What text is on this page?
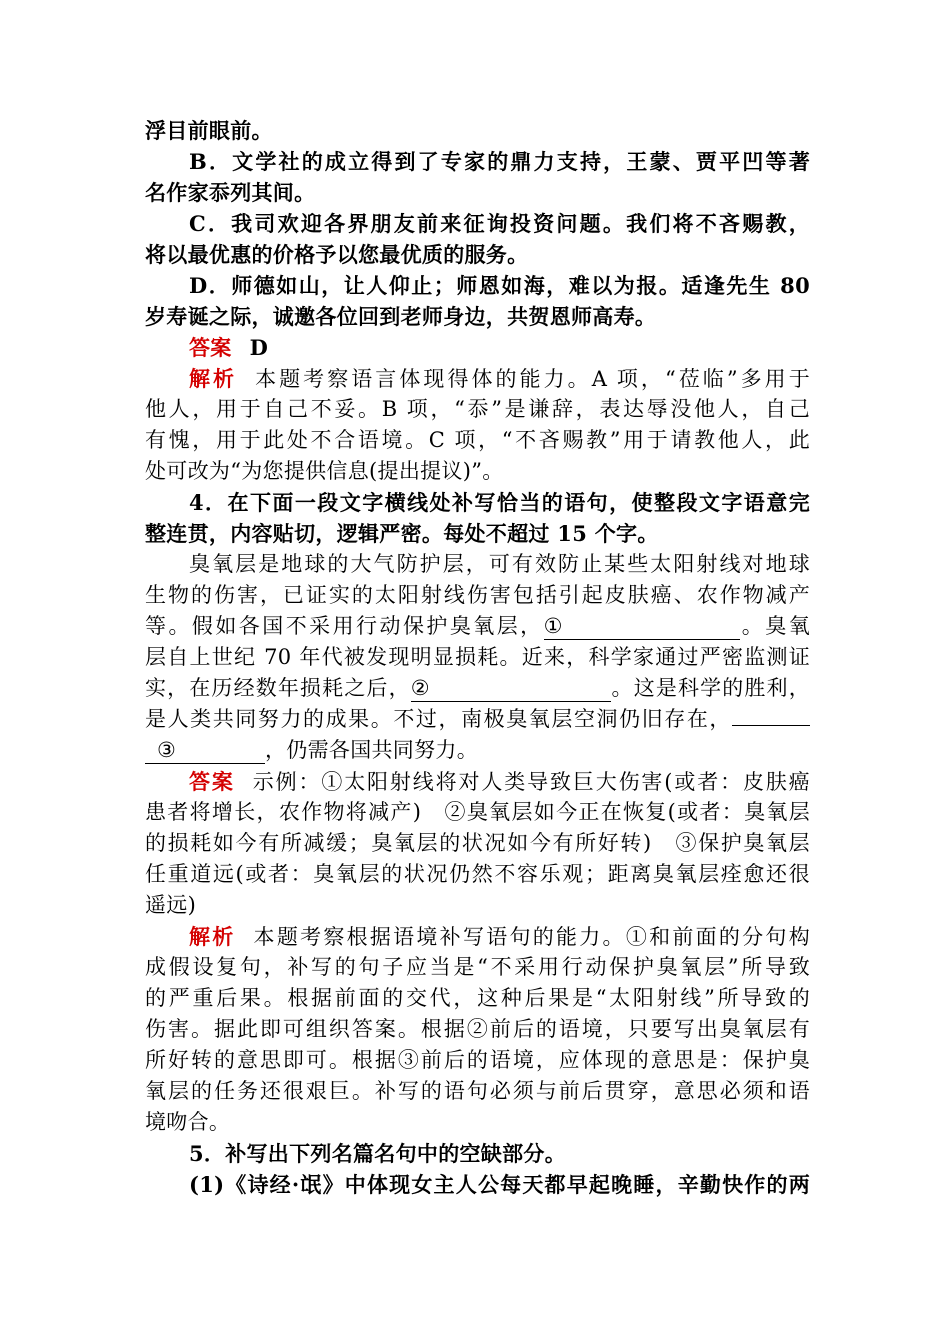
浮目前眼前。
B．文学社的成立得到了专家的鼎力支持，王蒙、贾平凹等著
名作家忝列其间。
C．我司欢迎各界朋友前来征询投资问题。我们将不吝赐教，
将以最优惠的价格予以您最优质的服务。
D．师德如山，让人仰止；师恩如海，难以为报。适逢先生 80
岁寿诞之际，诚邀各位回到老师身边，共贺恩师高寿。
答案 D
解析 本题考察语言体现得体的能力。A 项，“莅临”多用于
他人，用于自己不妥。B 项，“忝”是谦辞，表达辱没他人，自己
有愧，用于此处不合语境。C 项，“不吝赐教”用于请教他人，此
处可改为“为您提供信息(提出提议)”。
4．在下面一段文字横线处补写恰当的语句，使整段文字语意完
整连贯，内容贴切，逻辑严密。每处不超过 15 个字。
臭氧层是地球的大气防护层，可有效防止某些太阳射线对地球
生物的伤害，已证实的太阳射线伤害包括引起皮肤癌、农作物减产
等。假如各国不采用行动保护臭氧层，①	。臭氧
层自上世纪 70 年代被发现明显损耗。近来，科学家通过严密监测证
实，在历经数年损耗之后，②	。这是科学的胜利，
是人类共同努力的成果。不过，南极臭氧层空洞仍旧存在，
③	，仍需各国共同努力。
答案 示例：①太阳射线将对人类导致巨大伤害(或者：皮肤癌
患者将增长，农作物将减产)　②臭氧层如今正在恢复(或者：臭氧层
的损耗如今有所减缓；臭氧层的状况如今有所好转)　③保护臭氧层
任重道远(或者：臭氧层的状况仍然不容乐观；距离臭氧层痊愈还很
遥远)
解析 本题考察根据语境补写语句的能力。①和前面的分句构
成假设复句，补写的句子应当是“不采用行动保护臭氧层”所导致
的严重后果。根据前面的交代，这种后果是“太阳射线”所导致的
伤害。据此即可组织答案。根据②前后的语境，只要写出臭氧层有
所好转的意思即可。根据③前后的语境，应体现的意思是：保护臭
氧层的任务还很艰巨。补写的语句必须与前后贯穿，意思必须和语
境吻合。
5．补写出下列名篇名句中的空缺部分。
(1)《诗经·氓》中体现女主人公每天都早起晚睡，辛勤快作的两
